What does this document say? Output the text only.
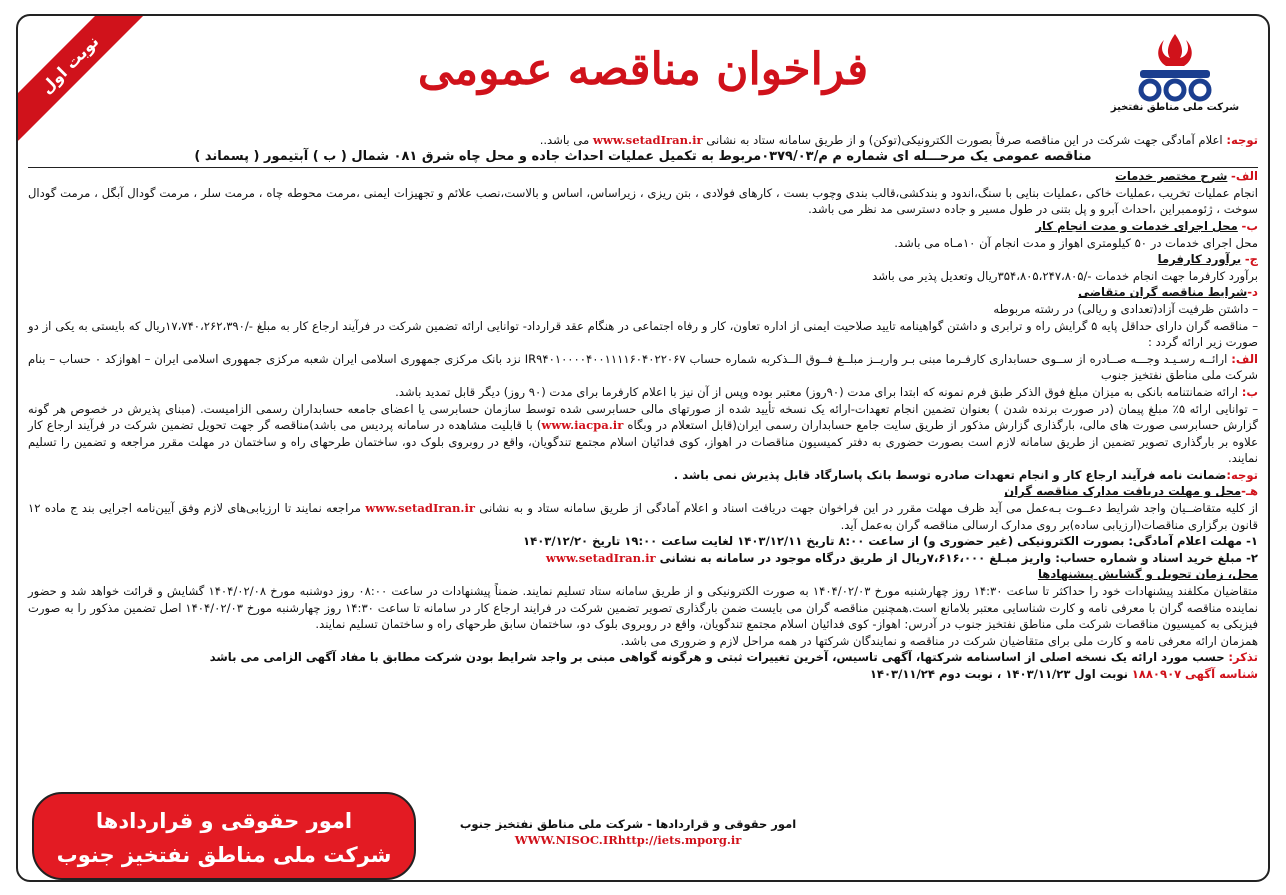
نوبت اول	فراخوان مناقصه عمومی
شرکت ملی مناطق نفتخیز

توجه: اعلام آمادگی جهت شرکت در این مناقصه صرفاً بصورت الکترونیکی(توکن) و از طریق سامانه ستاد به نشانی www.setadIran.ir می باشد..

مناقصه عمومی یک مرحـــله ای شماره م م/۰۳۷۹/۰۳مربوط به تکمیل عملیات احداث جاده و محل چاه شرق ۰۸۱ شمال ( ب ) آبتیمور ( پسماند )

الف- شرح مختصر خدمات

انجام عملیات تخریب ،عملیات خاکی ،عملیات بنایی با سنگ،اندود و بندکشی،قالب بندی وچوب بست ، کارهای فولادی ، بتن ریزی ، زیراساس، اساس و بالاست،نصب علائم و تجهیزات ایمنی ،مرمت محوطه چاه ، مرمت سلر ، مرمت گودال آبگل ، مرمت گودال سوخت ، ژئوممبراین ،احداث آبرو و پل بتنی در طول مسیر و جاده دسترسی مد نظر می باشد.

ب- محل اجرای خدمات و مدت انجام کار

محل اجرای خدمات در ۵۰ کیلومتری اهواز و مدت انجام آن ۱۰مـاه می باشد.

ج- برآورد کارفرما

برآورد کارفرما جهت انجام خدمات -/۳۵۴،۸۰۵،۲۴۷،۸۰۵ریال وتعدیل پذیر می باشد

د-شرایط مناقصه گران متقاضی

– داشتن ظرفیت آزاد(تعدادی و ریالی) در رشته مربوطه

– مناقصه گران دارای حداقل پایه ۵ گرایش راه و ترابری و داشتن گواهینامه تایید صلاحیت ایمنی از اداره تعاون، کار و رفاه اجتماعی در هنگام عقد قرارداد- توانایی ارائه تضمین شرکت در فرآیند ارجاع کار به مبلغ -/۱۷،۷۴۰،۲۶۲،۳۹۰ریال که بایستی به یکی از دو صورت زیر ارائه گردد :

الف: ارائــه رسـیـد وجـــه صــادره از ســوی حسابداری کارفـرما مبنی بـر واریــز مبلــغ فــوق الــذکربه شماره حساب IR۹۴۰۱۰۰۰۰۴۰۰۱۱۱۱۶۰۴۰۲۲۰۶۷ نزد بانک مرکزی جمهوری اسلامی ایران شعبه مرکزی جمهوری اسلامی ایران – اهوازکد ۰ حساب – بنام شرکت ملی مناطق نفتخیز جنوب

ب: ارائه ضمانتنامه بانکی به میزان مبلغ فوق الذکر طبق فرم نمونه که ابتدا برای مدت (۹۰روز) معتبر بوده وپس از آن نیز با اعلام کارفرما برای مدت (۹۰ روز) دیگر قابل تمدید باشد.

– توانایی ارائه ۵٪ مبلغ پیمان (در صورت برنده شدن ) بعنوان تضمین انجام تعهدات-ارائه یک نسخه تأیید شده از صورتهای مالی حسابرسی شده توسط سازمان حسابرسی یا اعضای جامعه حسابداران رسمی الزامیست. (مبنای پذیرش در خصوص هر گونه گزارش حسابرسی صورت های مالی، بارگذاری گزارش مذکور از طریق سایت جامع حسابداران رسمی ایران(قابل استعلام در وبگاه www.iacpa.ir) با قابلیت مشاهده در سامانه پردیس می باشد)مناقصه گر جهت تحویل تضمین شرکت در فرآیند ارجاع کار علاوه بر بارگذاری تصویر تضمین از طریق سامانه لازم است بصورت حضوری به دفتر کمیسیون مناقصات در اهواز، کوی فدائیان اسلام مجتمع تندگویان، واقع در روبروی بلوک دو، ساختمان طرحهای راه و ساختمان در مهلت مقرر مراجعه و تضمین را تسلیم نمایند.

توجه:ضمانت نامه فرآیند ارجاع کار و انجام تعهدات صادره توسط بانک پاسارگاد قابل پذیرش نمی باشد .

هـ-محل و مهلت دریافت مدارک مناقصه گران

از کلیه متقاضــیان واجد شرایط دعــوت بـه‌عمل می آید ظرف مهلت مقرر در این فراخوان جهت دریافت اسناد و اعلام آمادگی از طریق سامانه ستاد و به نشانی www.setadIran.ir مراجعه نمایند تا ارزیابی‌های لازم وفق آیین‌نامه اجرایی بند ج ماده ۱۲ قانون برگزاری مناقصات(ارزیابی ساده)بر روی مدارک ارسالی مناقصه گران به‌عمل آید.

۱- مهلت اعلام آمادگی: بصورت الکترونیکی (غیر حضوری و) از ساعت ۸:۰۰ تاریخ ۱۴۰۳/۱۲/۱۱ لغایت ساعت ۱۹:۰۰ تاریخ ۱۴۰۳/۱۲/۲۰

۲- مبلغ خرید اسناد و شماره حساب: واریز مبـلغ ۷،۶۱۶،۰۰۰ریال از طریق درگاه موجود در سامانه به نشانی www.setadIran.ir

محل، زمان تحویل و گشایش پیشنهادها

متقاضیان مکلفند پیشنهادات خود را حداکثر تا ساعت ۱۴:۳۰ روز چهارشنبه مورخ ۱۴۰۴/۰۲/۰۳ به صورت الکترونیکی و از طریق سامانه ستاد تسلیم نمایند. ضمناً پیشنهادات در ساعت ۰۸:۰۰ روز دوشنبه مورخ ۱۴۰۴/۰۲/۰۸ گشایش و قرائت خواهد شد و حضور نماینده مناقصه گران با معرفی نامه و کارت شناسایی معتبر بلامانع است.همچنین مناقصه گران می بایست ضمن بارگذاری تصویر تضمین شرکت در فرایند ارجاع کار در سامانه تا ساعت ۱۴:۳۰ روز چهارشنبه مورخ ۱۴۰۴/۰۲/۰۳ اصل تضمین مذکور را به صورت فیزیکی به کمیسیون مناقصات شرکت ملی مناطق نفتخیز جنوب در آدرس: اهواز- کوی فدائیان اسلام مجتمع تندگویان، واقع در روبروی بلوک دو، ساختمان سابق طرحهای راه و ساختمان تسلیم نمایند.

همزمان ارائه معرفی نامه و کارت ملی برای متقاضیان شرکت در مناقصه و نمایندگان شرکتها در همه مراحل لازم و ضروری می باشد.

تذکر: حسب مورد ارائه یک نسخه اصلی از اساسنامه شرکتها، آگهی تاسیس، آخرین تغییرات ثبتی و هرگونه گواهی مبنی بر واجد شرایط بودن شرکت مطابق با مفاد آگهی الزامی می باشد

شناسه آگهی ۱۸۸۰۹۰۷ نوبت اول ۱۴۰۳/۱۱/۲۳ ، نوبت دوم ۱۴۰۳/۱۱/۲۴

امور حقوقی و قراردادها - شرکت ملی مناطق نفتخیز جنوب
WWW.NISOC.IRhttp://iets.mporg.ir
امور حقوقی و قراردادها
شرکت ملی مناطق نفتخیز جنوب
